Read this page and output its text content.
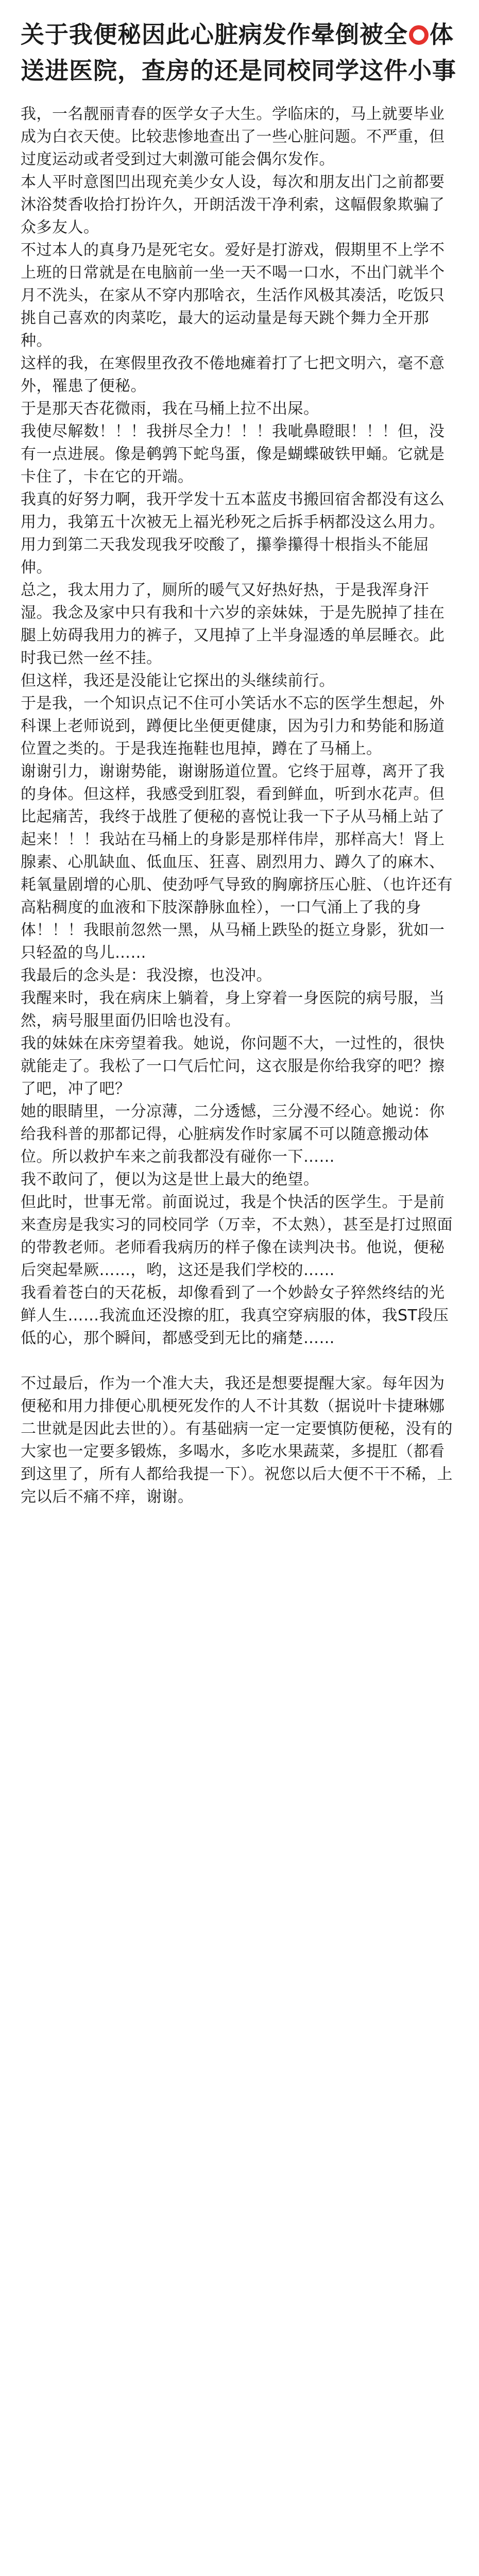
关于我便秘因此心脏病发作晕倒被全 体送进医院，查房的还是同校同学这件小事

我，一名靓丽青春的医学女子大生。学临床的，马上就要毕业成为白衣天使。比较悲惨地查出了一些心脏问题。不严重，但过度运动或者受到过大刺激可能会偶尔发作。

本人平时意图凹出现充美少女人设，每次和朋友出门之前都要沐浴焚香收拾打扮许久，开朗活泼干净利索，这幅假象欺骗了众多友人。

不过本人的真身乃是死宅女。爱好是打游戏，假期里不上学不上班的日常就是在电脑前一坐一天不喝一口水，不出门就半个月不洗头，在家从不穿内那啥衣，生活作风极其凑活，吃饭只挑自己喜欢的肉菜吃，最大的运动量是每天跳个舞力全开那种。

这样的我，在寒假里孜孜不倦地瘫着打了七把文明六，毫不意外，罹患了便秘。

于是那天杏花微雨，我在马桶上拉不出屎。

我使尽解数！！！我拼尽全力！！！我呲鼻瞪眼！！！但，没有一点进展。像是鹌鹑下蛇鸟蛋，像是蝴蝶破铁甲蛹。它就是卡住了，卡在它的开端。

我真的好努力啊，我开学发十五本蓝皮书搬回宿舍都没有这么用力，我第五十次被无上福光秒死之后拆手柄都没这么用力。用力到第二天我发现我牙咬酸了，攥拳攥得十根指头不能屈伸。

总之，我太用力了，厕所的暖气又好热好热，于是我浑身汗湿。我念及家中只有我和十六岁的亲妹妹，于是先脱掉了挂在腿上妨碍我用力的裤子，又甩掉了上半身湿透的单层睡衣。此时我已然一丝不挂。

但这样，我还是没能让它探出的头继续前行。

于是我，一个知识点记不住可小笑话水不忘的医学生想起，外科课上老师说到，蹲便比坐便更健康，因为引力和势能和肠道位置之类的。于是我连拖鞋也甩掉，蹲在了马桶上。

谢谢引力，谢谢势能，谢谢肠道位置。它终于屈尊，离开了我的身体。但这样，我感受到肛裂，看到鲜血，听到水花声。但比起痛苦，我终于战胜了便秘的喜悦让我一下子从马桶上站了起来！！！我站在马桶上的身影是那样伟岸，那样高大！肾上腺素、心肌缺血、低血压、狂喜、剧烈用力、蹲久了的麻木、耗氧量剧增的心肌、使劲呼气导致的胸廓挤压心脏、（也许还有高粘稠度的血液和下肢深静脉血栓），一口气涌上了我的身体！！！我眼前忽然一黑，从马桶上跌坠的挺立身影，犹如一只轻盈的鸟儿……

我最后的念头是：我没擦，也没冲。

我醒来时，我在病床上躺着，身上穿着一身医院的病号服，当然，病号服里面仍旧啥也没有。

我的妹妹在床旁望着我。她说，你问题不大，一过性的，很快就能走了。我松了一口气后忙问，这衣服是你给我穿的吧？擦了吧，冲了吧？

她的眼睛里，一分凉薄，二分透憾，三分漫不经心。她说：你给我科普的那都记得，心脏病发作时家属不可以随意搬动体位。所以救护车来之前我都没有碰你一下……

我不敢问了，便以为这是世上最大的绝望。

但此时，世事无常。前面说过，我是个快活的医学生。于是前来查房是我实习的同校同学（万幸，不太熟），甚至是打过照面的带教老师。老师看我病历的样子像在读判决书。他说，便秘后突起晕厥……，哟，这还是我们学校的……

我看着苍白的天花板，却像看到了一个妙龄女子猝然终结的光鲜人生……我流血还没擦的肛，我真空穿病服的体，我ST段压低的心，那个瞬间，都感受到无比的痛楚……

不过最后，作为一个准大夫，我还是想要提醒大家。每年因为便秘和用力排便心肌梗死发作的人不计其数（据说叶卡捷琳娜二世就是因此去世的）。有基础病一定一定要慎防便秘，没有的大家也一定要多锻炼，多喝水，多吃水果蔬菜，多提肛（都看到这里了，所有人都给我提一下）。祝您以后大便不干不稀，上完以后不痛不痒，谢谢。
